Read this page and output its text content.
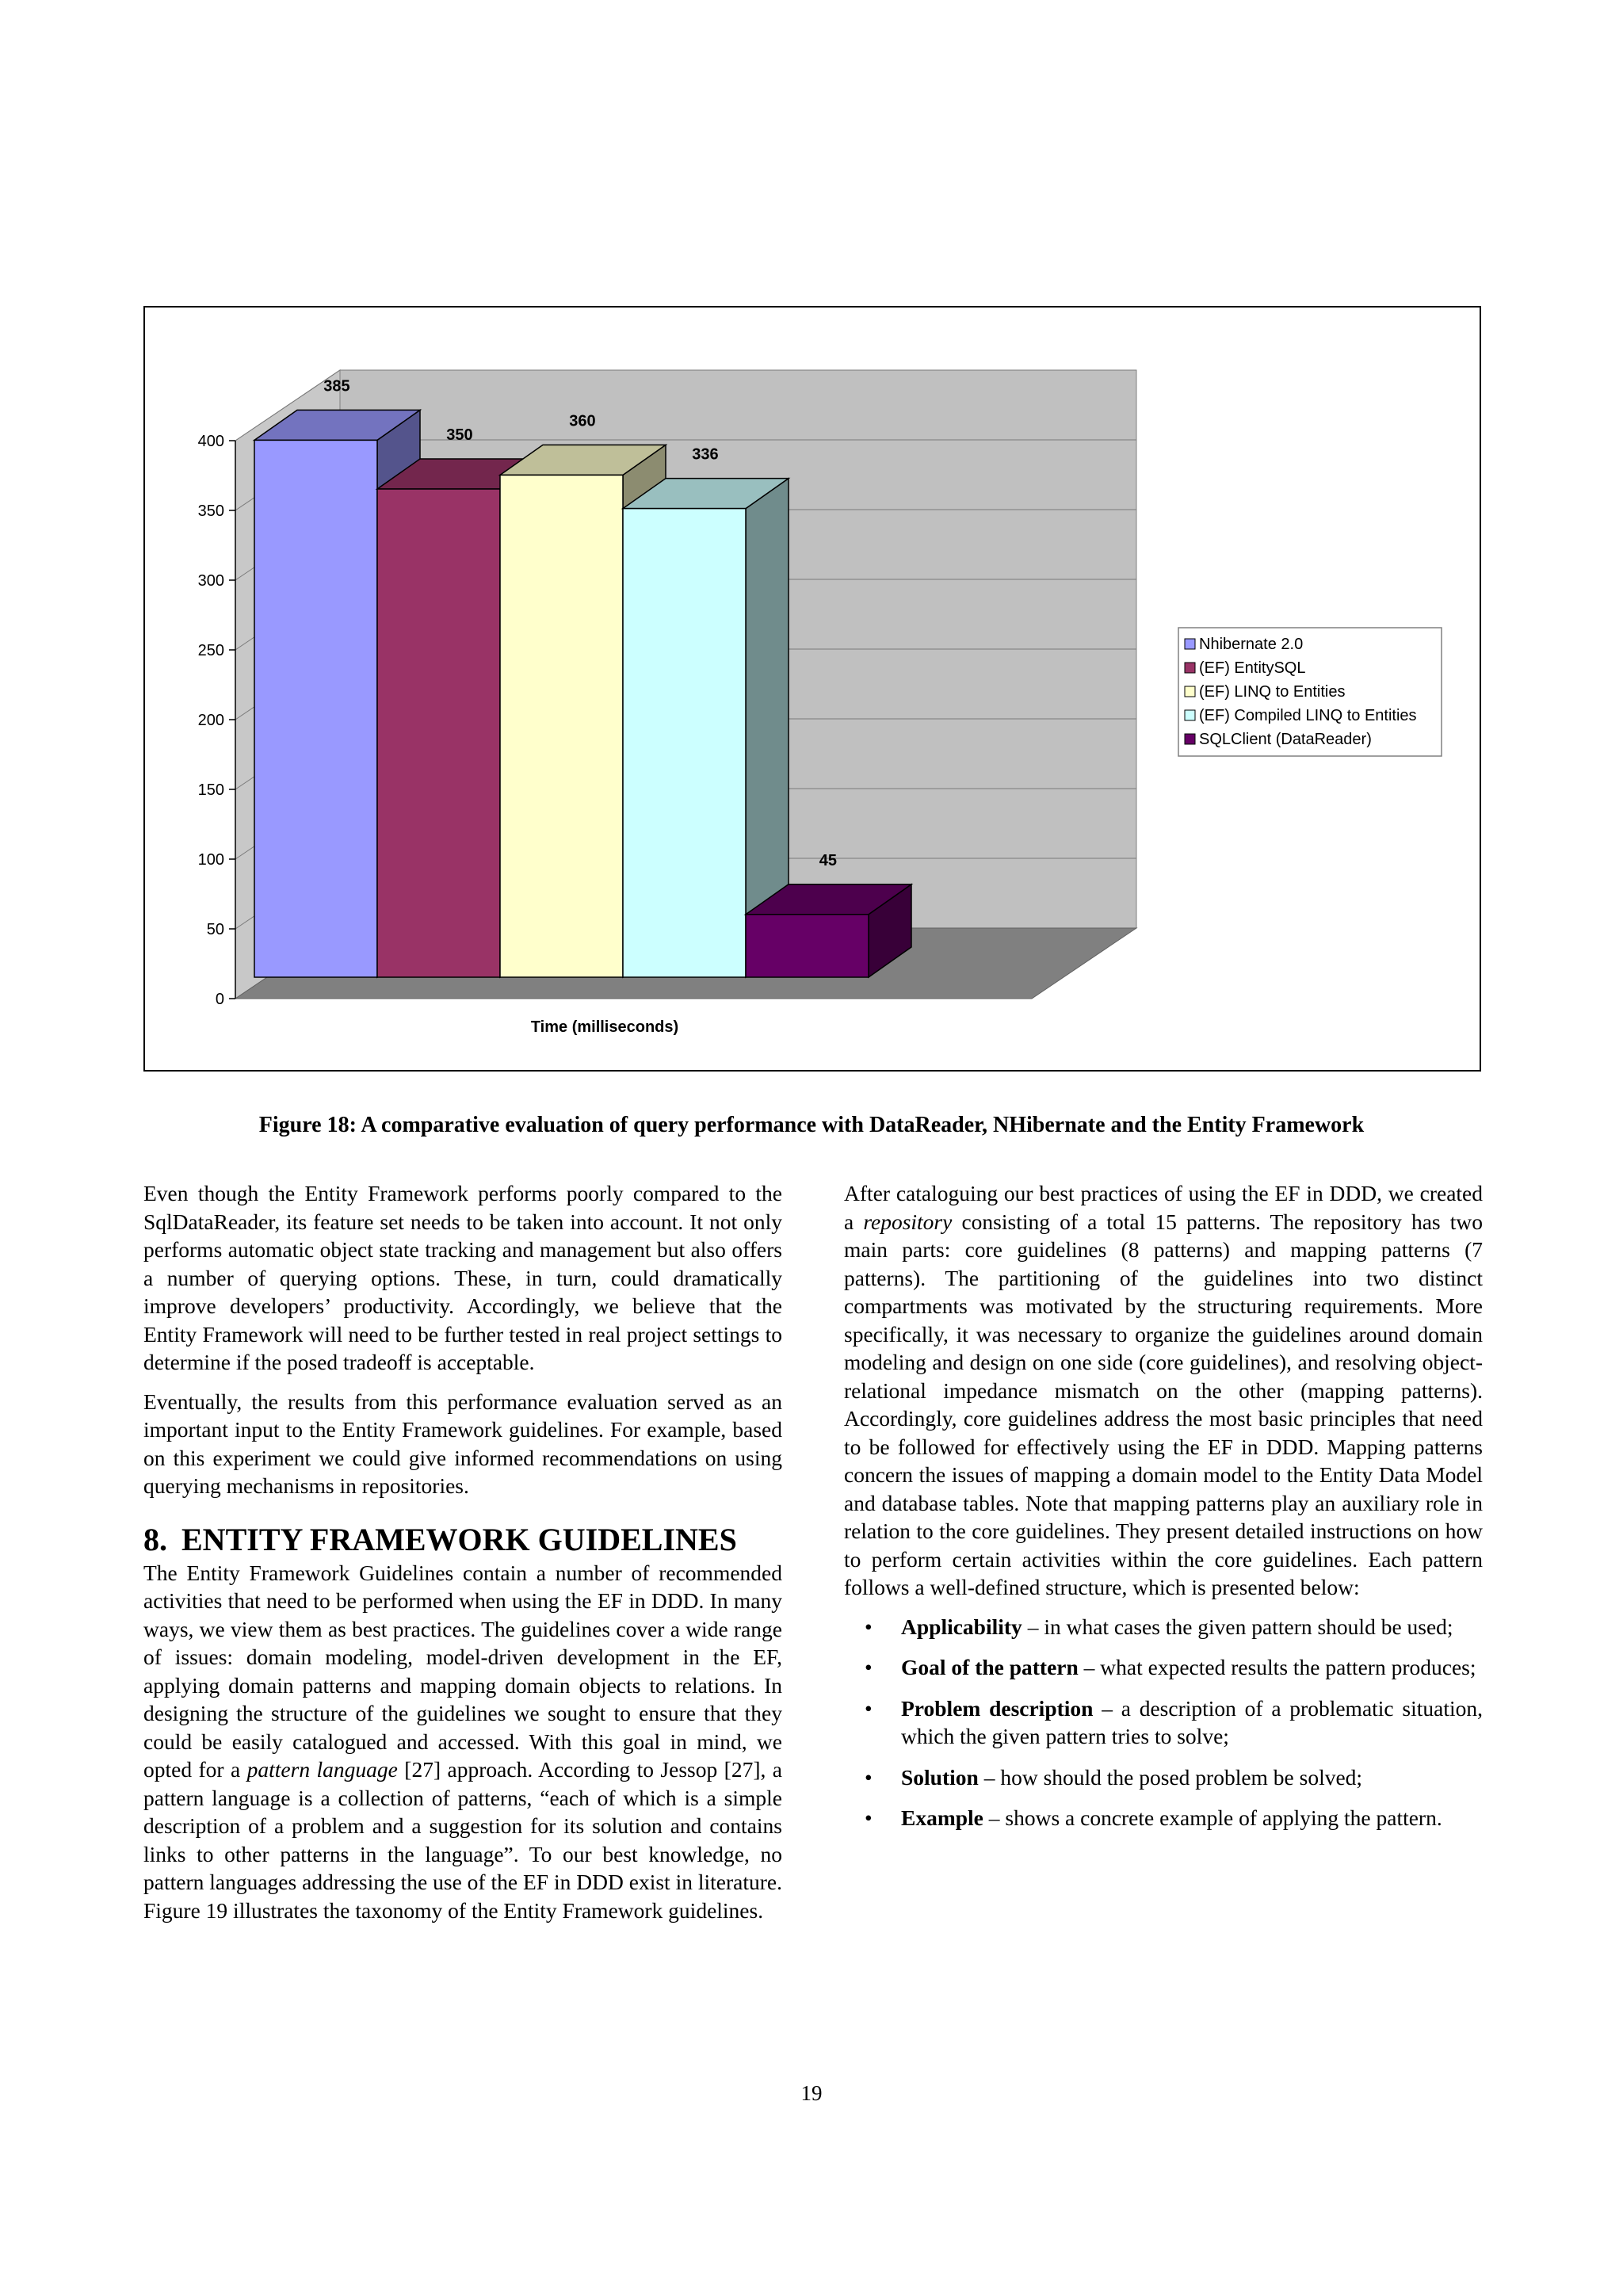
0
50
100
150
200
250
300
350
400
385
350
360
336
45
Time (milliseconds)
Nhibernate 2.0
(EF) EntitySQL
(EF) LINQ to Entities
(EF) Compiled LINQ to Entities
SQLClient (DataReader)
Figure 18: A comparative evaluation of query performance with DataReader, NHibernate and the Entity Framework

Even though the Entity Framework performs poorly compared to the SqlDataReader, its feature set needs to be taken into account. It not only performs automatic object state tracking and management but also offers a number of querying options. These, in turn, could dramatically improve developers’ productivity. Accordingly, we believe that the Entity Framework will need to be further tested in real project settings to determine if the posed tradeoff is acceptable.

Eventually, the results from this performance evaluation served as an important input to the Entity Framework guidelines. For example, based on this experiment we could give informed recommendations on using querying mechanisms in repositories.

8. ENTITY FRAMEWORK GUIDELINES

The Entity Framework Guidelines contain a number of recommended activities that need to be performed when using the EF in DDD. In many ways, we view them as best practices. The guidelines cover a wide range of issues: domain modeling, model-driven development in the EF, applying domain patterns and mapping domain objects to relations. In designing the structure of the guidelines we sought to ensure that they could be easily catalogued and accessed. With this goal in mind, we opted for a pattern language [27] approach. According to Jessop [27], a pattern language is a collection of patterns, “each of which is a simple description of a problem and a suggestion for its solution and contains links to other patterns in the language”. To our best knowledge, no pattern languages addressing the use of the EF in DDD exist in literature. Figure 19 illustrates the taxonomy of the Entity Framework guidelines.

After cataloguing our best practices of using the EF in DDD, we created a repository consisting of a total 15 patterns. The repository has two main parts: core guidelines (8 patterns) and mapping patterns (7 patterns). The partitioning of the guidelines into two distinct compartments was motivated by the structuring requirements. More specifically, it was necessary to organize the guidelines around domain modeling and design on one side (core guidelines), and resolving object-relational impedance mismatch on the other (mapping patterns). Accordingly, core guidelines address the most basic principles that need to be followed for effectively using the EF in DDD. Mapping patterns concern the issues of mapping a domain model to the Entity Data Model and database tables. Note that mapping patterns play an auxiliary role in relation to the core guidelines. They present detailed instructions on how to perform certain activities within the core guidelines. Each pattern follows a well-defined structure, which is presented below:

• Applicability – in what cases the given pattern should be used;
• Goal of the pattern – what expected results the pattern produces;
• Problem description – a description of a problematic situation, which the given pattern tries to solve;
• Solution – how should the posed problem be solved;
• Example – shows a concrete example of applying the pattern.
19
